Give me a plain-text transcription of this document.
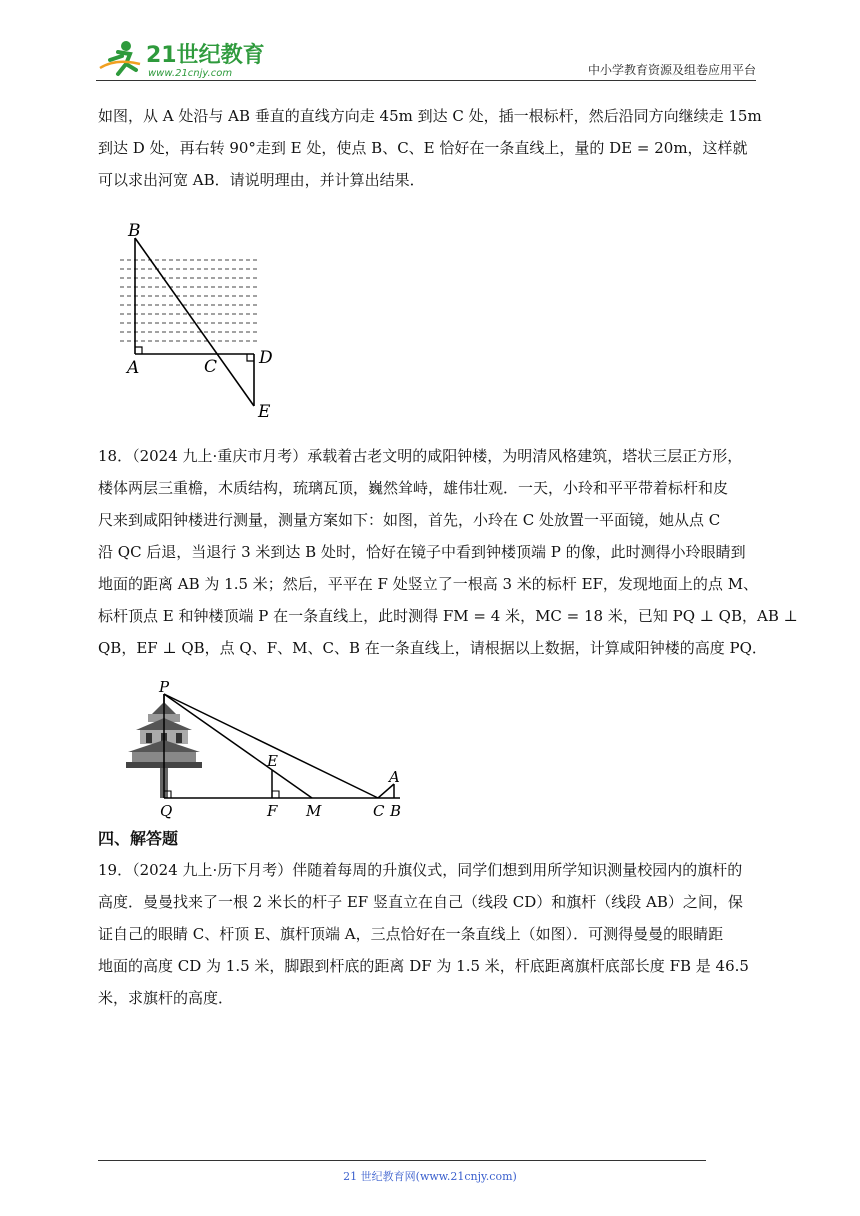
21世纪教育
www.21cnjy.com	中小学教育资源及组卷应用平台
如图，从 A 处沿与 AB 垂直的直线方向走 45m 到达 C 处，插一根标杆，然后沿同方向继续走 15m
到达 D 处，再右转 90°走到 E 处，使点 B、C、E 恰好在一条直线上，量的 DE = 20m，这样就
可以求出河宽 AB．请说明理由，并计算出结果．
B
A	C D
E
18．（2024 九上·重庆市月考）承载着古老文明的咸阳钟楼，为明清风格建筑，塔状三层正方形，
楼体两层三重檐，木质结构，琉璃瓦顶，巍然耸峙，雄伟壮观．一天，小玲和平平带着标杆和皮
尺来到咸阳钟楼进行测量，测量方案如下：如图，首先，小玲在 C 处放置一平面镜，她从点 C
沿 QC 后退，当退行 3 米到达 B 处时，恰好在镜子中看到钟楼顶端 P 的像，此时测得小玲眼睛到
地面的距离 AB 为 1.5 米；然后，平平在 F 处竖立了一根高 3 米的标杆 EF，发现地面上的点 M、
标杆顶点 E 和钟楼顶端 P 在一条直线上，此时测得 FM = 4 米，MC = 18 米，已知 PQ ⊥ QB，AB ⊥
QB，EF ⊥ QB，点 Q、F、M、C、B 在一条直线上，请根据以上数据，计算咸阳钟楼的高度 PQ．
P
E
A
Q	F M	C B
四、解答题
19．（2024 九上·历下月考）伴随着每周的升旗仪式，同学们想到用所学知识测量校园内的旗杆的
高度．曼曼找来了一根 2 米长的杆子 EF 竖直立在自己（线段 CD）和旗杆（线段 AB）之间，保
证自己的眼睛 C、杆顶 E、旗杆顶端 A，三点恰好在一条直线上（如图）．可测得曼曼的眼睛距
地面的高度 CD 为 1.5 米，脚跟到杆底的距离 DF 为 1.5 米，杆底距离旗杆底部长度 FB 是 46.5
米，求旗杆的高度．
21 世纪教育网(www.21cnjy.com)
